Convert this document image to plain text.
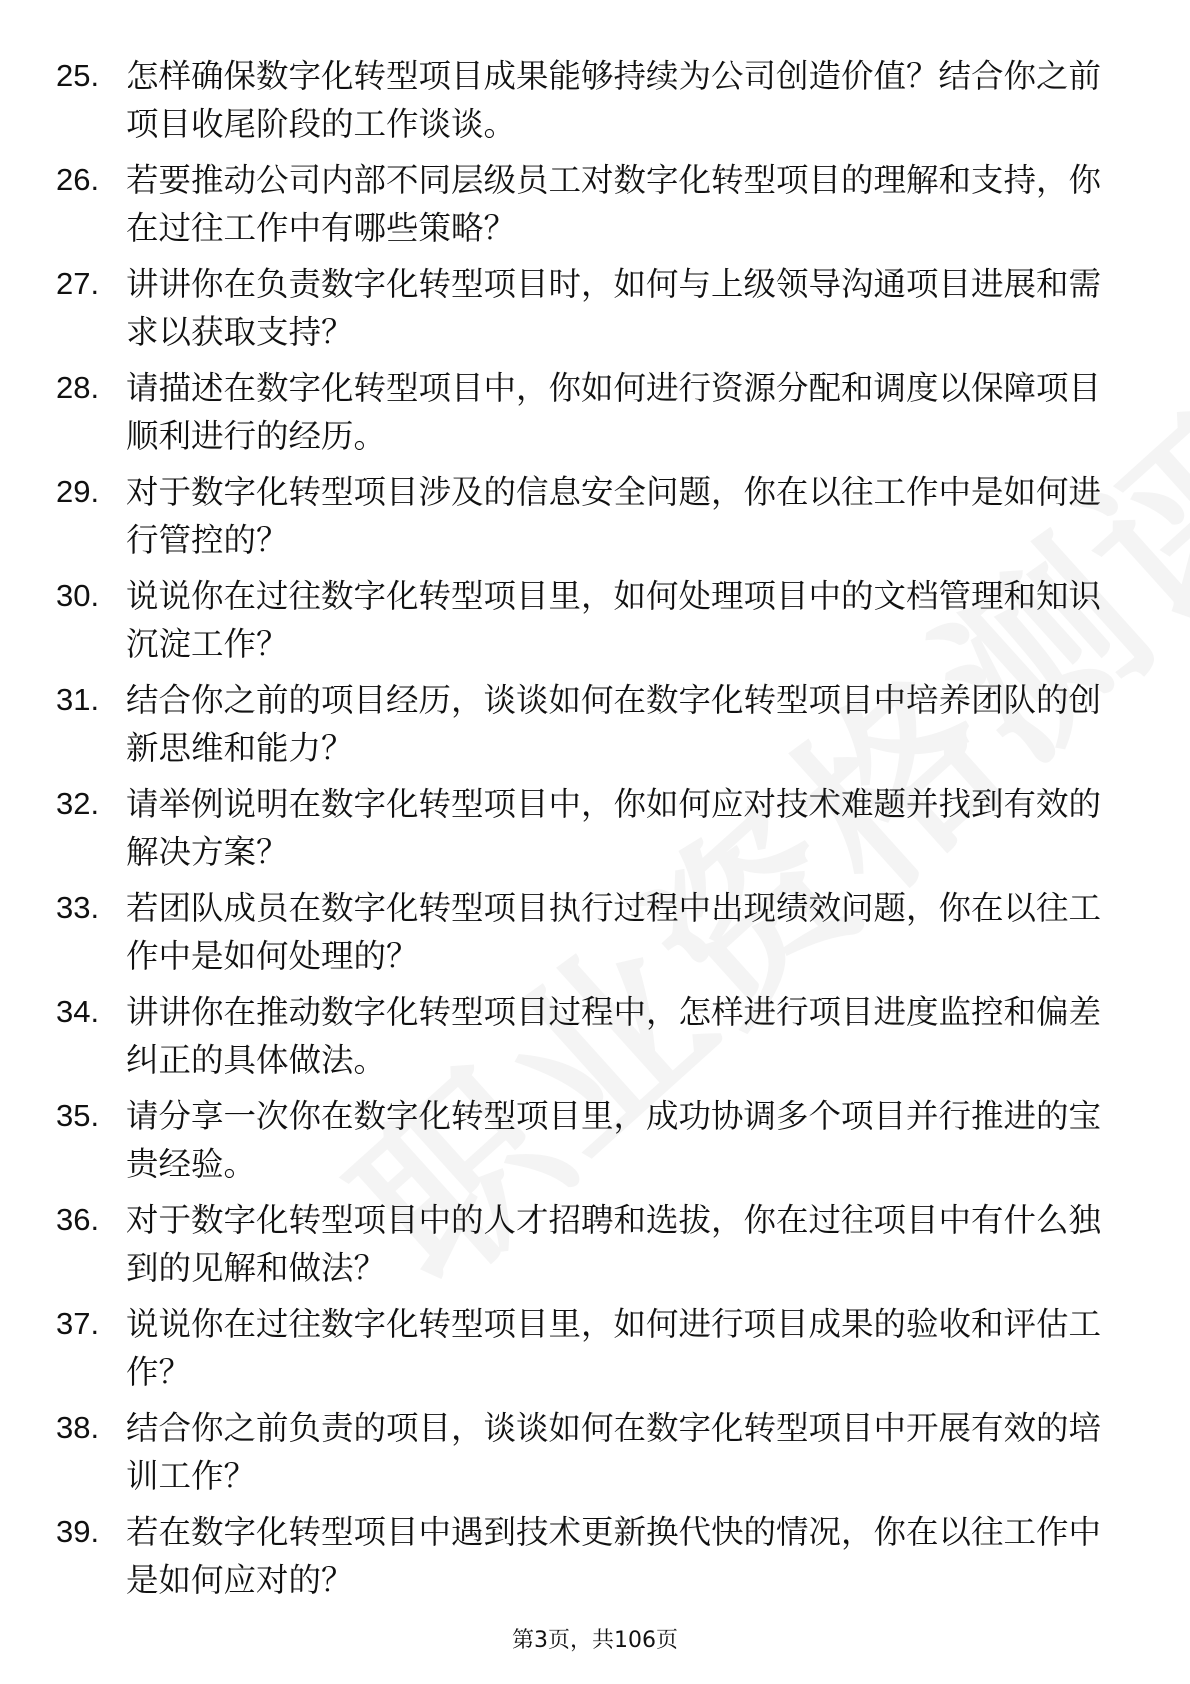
25. 怎样确保数字化转型项目成果能够持续为公司创造价值？结合你之前项目收尾阶段的工作谈谈。
26. 若要推动公司内部不同层级员工对数字化转型项目的理解和支持，你在过往工作中有哪些策略？
27. 讲讲你在负责数字化转型项目时，如何与上级领导沟通项目进展和需求以获取支持？
28. 请描述在数字化转型项目中，你如何进行资源分配和调度以保障项目顺利进行的经历。
29. 对于数字化转型项目涉及的信息安全问题，你在以往工作中是如何进行管控的？
30. 说说你在过往数字化转型项目里，如何处理项目中的文档管理和知识沉淀工作？
31. 结合你之前的项目经历，谈谈如何在数字化转型项目中培养团队的创新思维和能力？
32. 请举例说明在数字化转型项目中，你如何应对技术难题并找到有效的解决方案？
33. 若团队成员在数字化转型项目执行过程中出现绩效问题，你在以往工作中是如何处理的？
34. 讲讲你在推动数字化转型项目过程中，怎样进行项目进度监控和偏差纠正的具体做法。
35. 请分享一次你在数字化转型项目里，成功协调多个项目并行推进的宝贵经验。
36. 对于数字化转型项目中的人才招聘和选拔，你在过往项目中有什么独到的见解和做法？
37. 说说你在过往数字化转型项目里，如何进行项目成果的验收和评估工作？
38. 结合你之前负责的项目，谈谈如何在数字化转型项目中开展有效的培训工作？
39. 若在数字化转型项目中遇到技术更新换代快的情况，你在以往工作中是如何应对的？
第3页，共106页
